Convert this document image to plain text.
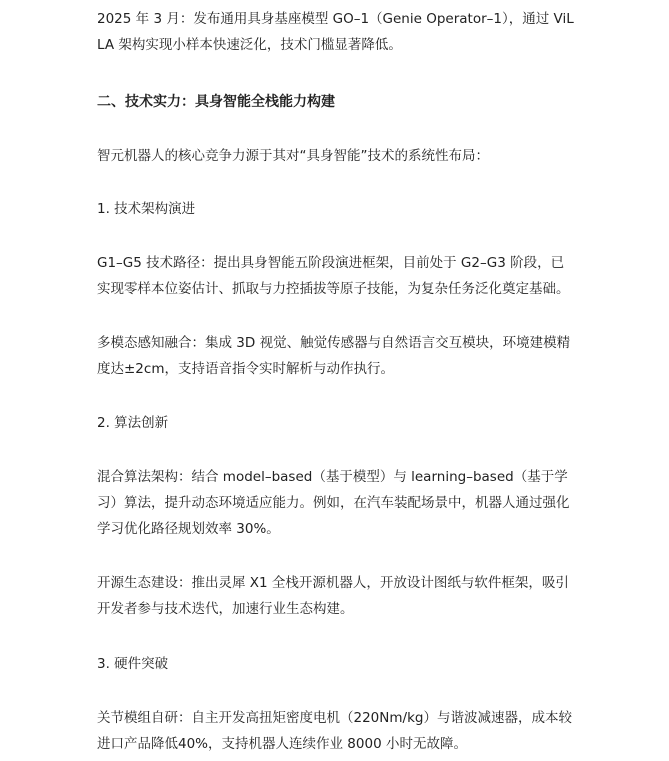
2025 年 3 月：发布通用具身基座模型 GO–1（Genie Operator–1），通过 ViLLA 架构实现小样本快速泛化，技术门槛显著降低。

二、技术实力：具身智能全栈能力构建

智元机器人的核心竞争力源于其对“具身智能”技术的系统性布局：

1. 技术架构演进

G1–G5 技术路径：提出具身智能五阶段演进框架，目前处于 G2–G3 阶段，已实现零样本位姿估计、抓取与力控插拔等原子技能，为复杂任务泛化奠定基础。

多模态感知融合：集成 3D 视觉、触觉传感器与自然语言交互模块，环境建模精度达±2cm，支持语音指令实时解析与动作执行。

2. 算法创新

混合算法架构：结合 model–based（基于模型）与 learning–based（基于学习）算法，提升动态环境适应能力。例如，在汽车装配场景中，机器人通过强化学习优化路径规划效率 30%。

开源生态建设：推出灵犀 X1 全栈开源机器人，开放设计图纸与软件框架，吸引开发者参与技术迭代，加速行业生态构建。

3. 硬件突破

关节模组自研：自主开发高扭矩密度电机（220Nm/kg）与谐波减速器，成本较进口产品降低40%，支持机器人连续作业 8000 小时无故障。
